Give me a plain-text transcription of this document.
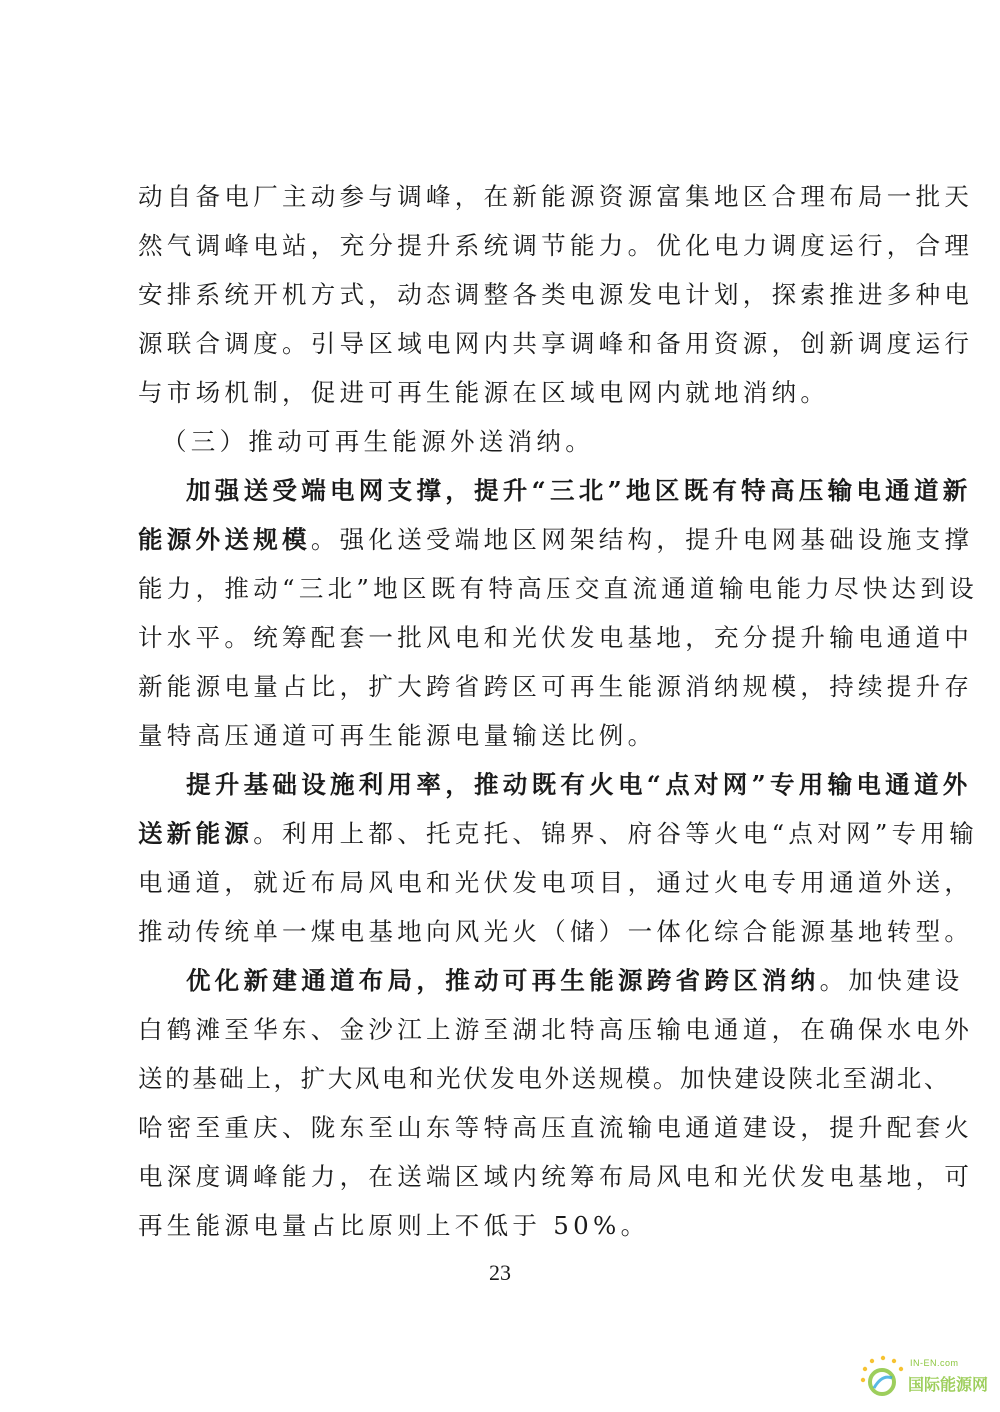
动自备电厂主动参与调峰，在新能源资源富集地区合理布局一批天
然气调峰电站，充分提升系统调节能力。优化电力调度运行，合理
安排系统开机方式，动态调整各类电源发电计划，探索推进多种电
源联合调度。引导区域电网内共享调峰和备用资源，创新调度运行
与市场机制，促进可再生能源在区域电网内就地消纳。
（三）推动可再生能源外送消纳。
加强送受端电网支撑，提升“三北”地区既有特高压输电通道新
能源外送规模。强化送受端地区网架结构，提升电网基础设施支撑
能力，推动“三北”地区既有特高压交直流通道输电能力尽快达到设
计水平。统筹配套一批风电和光伏发电基地，充分提升输电通道中
新能源电量占比，扩大跨省跨区可再生能源消纳规模，持续提升存
量特高压通道可再生能源电量输送比例。
提升基础设施利用率，推动既有火电“点对网”专用输电通道外
送新能源。利用上都、托克托、锦界、府谷等火电“点对网”专用输
电通道，就近布局风电和光伏发电项目，通过火电专用通道外送，
推动传统单一煤电基地向风光火（储）一体化综合能源基地转型。
优化新建通道布局，推动可再生能源跨省跨区消纳。加快建设
白鹤滩至华东、金沙江上游至湖北特高压输电通道，在确保水电外
送的基础上，扩大风电和光伏发电外送规模。加快建设陕北至湖北、
哈密至重庆、陇东至山东等特高压直流输电通道建设，提升配套火
电深度调峰能力，在送端区域内统筹布局风电和光伏发电基地，可
再生能源电量占比原则上不低于 50%。
23
IN-EN.com
国际能源网
